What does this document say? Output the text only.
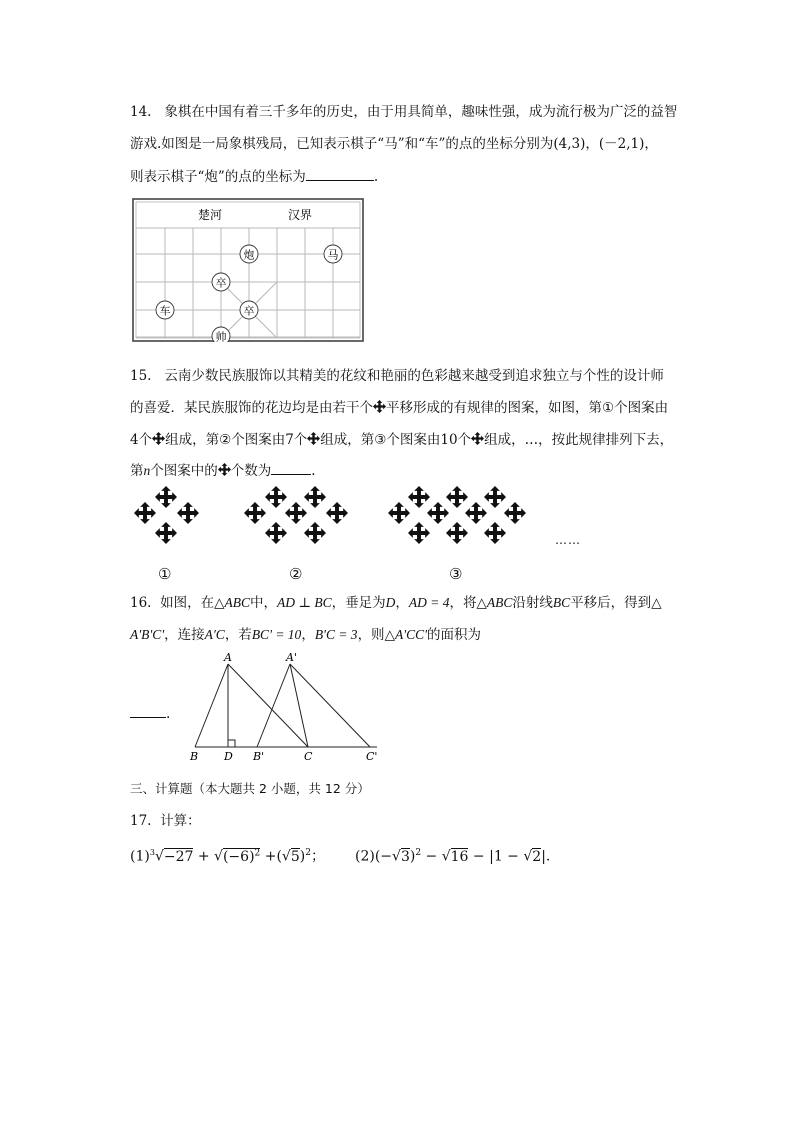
14. 象棋在中国有着三千多年的历史，由于用具简单，趣味性强，成为流行极为广泛的益智
游戏.如图是一局象棋残局，已知表示棋子“马”和“车”的点的坐标分别为(4,3)，(－2,1)，
则表示棋子“炮”的点的坐标为	.
楚河	汉界
炮	马
卒
车	卒
帅
15. 云南少数民族服饰以其精美的花纹和艳丽的色彩越来越受到追求独立与个性的设计师
的喜爱．某民族服饰的花边均是由若干个 平移形成的有规律的图案，如图，第①个图案由
4个 组成，第②个图案由7个 组成，第③个图案由10个 组成，…，按此规律排列下去，
第n个图案中的 个数为	.
……
①	②	③
16. 如图，在△ABC中，AD ⊥ BC，垂足为D，AD = 4，将△ABC沿射线BC平移后，得到△
A'B'C'，连接A'C，若BC' = 10，B'C = 3，则△A'CC'的面积为
.
A	A'
B D B'	C	C'
三、计算题（本大题共 2 小题，共 12 分）
17. 计算：
$(1)^3√-27 + √(-6)^2 +(√5)^2$； $(2)(-√3)^2 - √16 - |1 - √2|$.
